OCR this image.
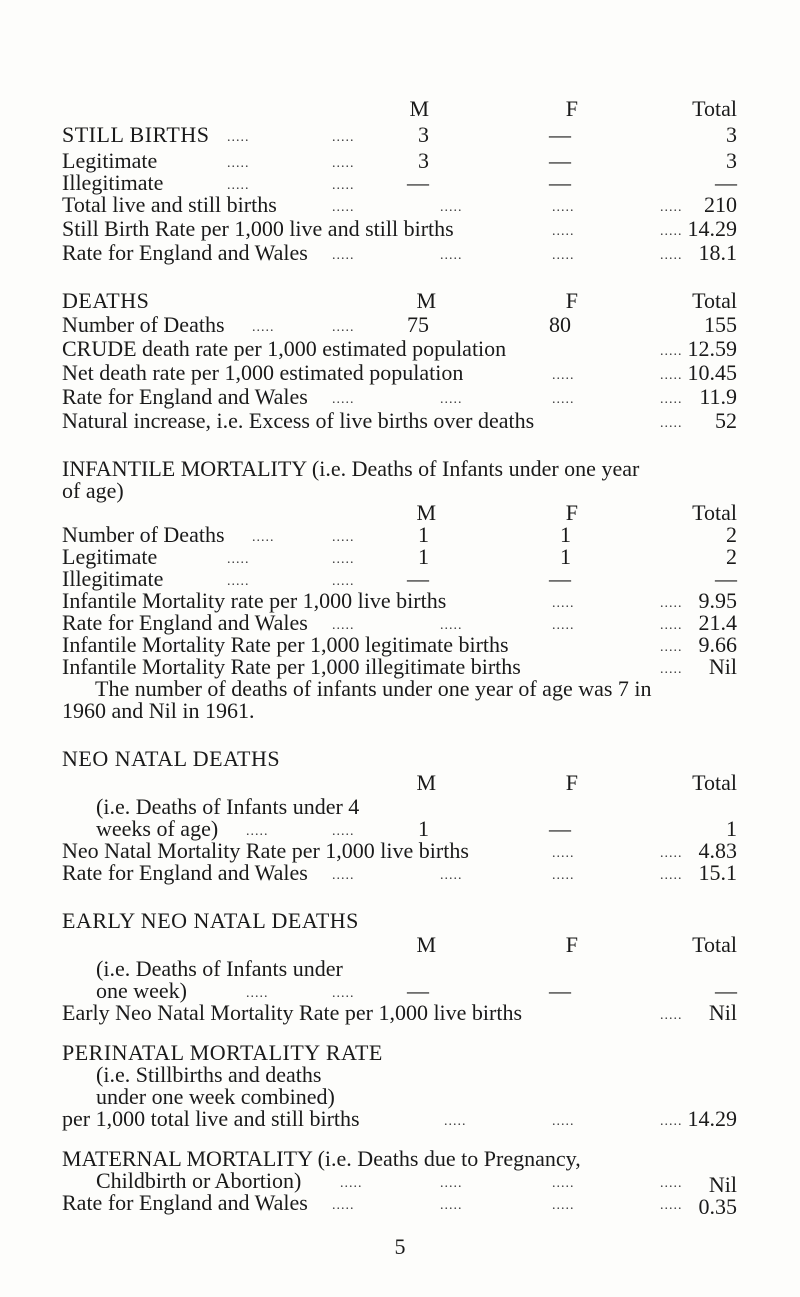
M	F	Total
STILL BIRTHS .....	.....	3	—	3
Legitimate	.....	.....	3	—	3
Illegitimate	.....	.....	—	—	—
Total live and still births	.....	.....	.....	..... 210
Still Birth Rate per 1,000 live and still births	.....	..... 14.29
Rate for England and Wales .....	.....	.....	..... 18.1
DEATHS	M	F	Total
Number of Deaths .....	.....	75	80	155
CRUDE death rate per 1,000 estimated population	..... 12.59
Net death rate per 1,000 estimated population	.....	..... 10.45
Rate for England and Wales .....	.....	.....	..... 11.9
Natural increase, i.e. Excess of live births over deaths	.....	52
INFANTILE MORTALITY (i.e. Deaths of Infants under one year
of age)
M	F	Total
Number of Deaths .....	.....	1	1	2
Legitimate	.....	.....	1	1	2
Illegitimate	.....	.....	—	—	—
Infantile Mortality rate per 1,000 live births	.....	..... 9.95
Rate for England and Wales .....	.....	.....	..... 21.4
Infantile Mortality Rate per 1,000 legitimate births	..... 9.66
Infantile Mortality Rate per 1,000 illegitimate births	.....	Nil
The number of deaths of infants under one year of age was 7 in
1960 and Nil in 1961.
NEO NATAL DEATHS
M	F	Total
(i.e. Deaths of Infants under 4
weeks of age) .....	.....	1	—	1
Neo Natal Mortality Rate per 1,000 live births	.....	..... 4.83
Rate for England and Wales .....	.....	.....	..... 15.1
EARLY NEO NATAL DEATHS
M	F	Total
(i.e. Deaths of Infants under
one week)	.....	.....	—	—	—
Early Neo Natal Mortality Rate per 1,000 live births	.....	Nil
PERINATAL MORTALITY RATE
(i.e. Stillbirths and deaths
under one week combined)
per 1,000 total live and still births	.....	.....	..... 14.29
MATERNAL MORTALITY (i.e. Deaths due to Pregnancy,
Childbirth or Abortion)	.....	.....	.....	.....	Nil
Rate for England and Wales .....	.....	.....	..... 0.35
5
